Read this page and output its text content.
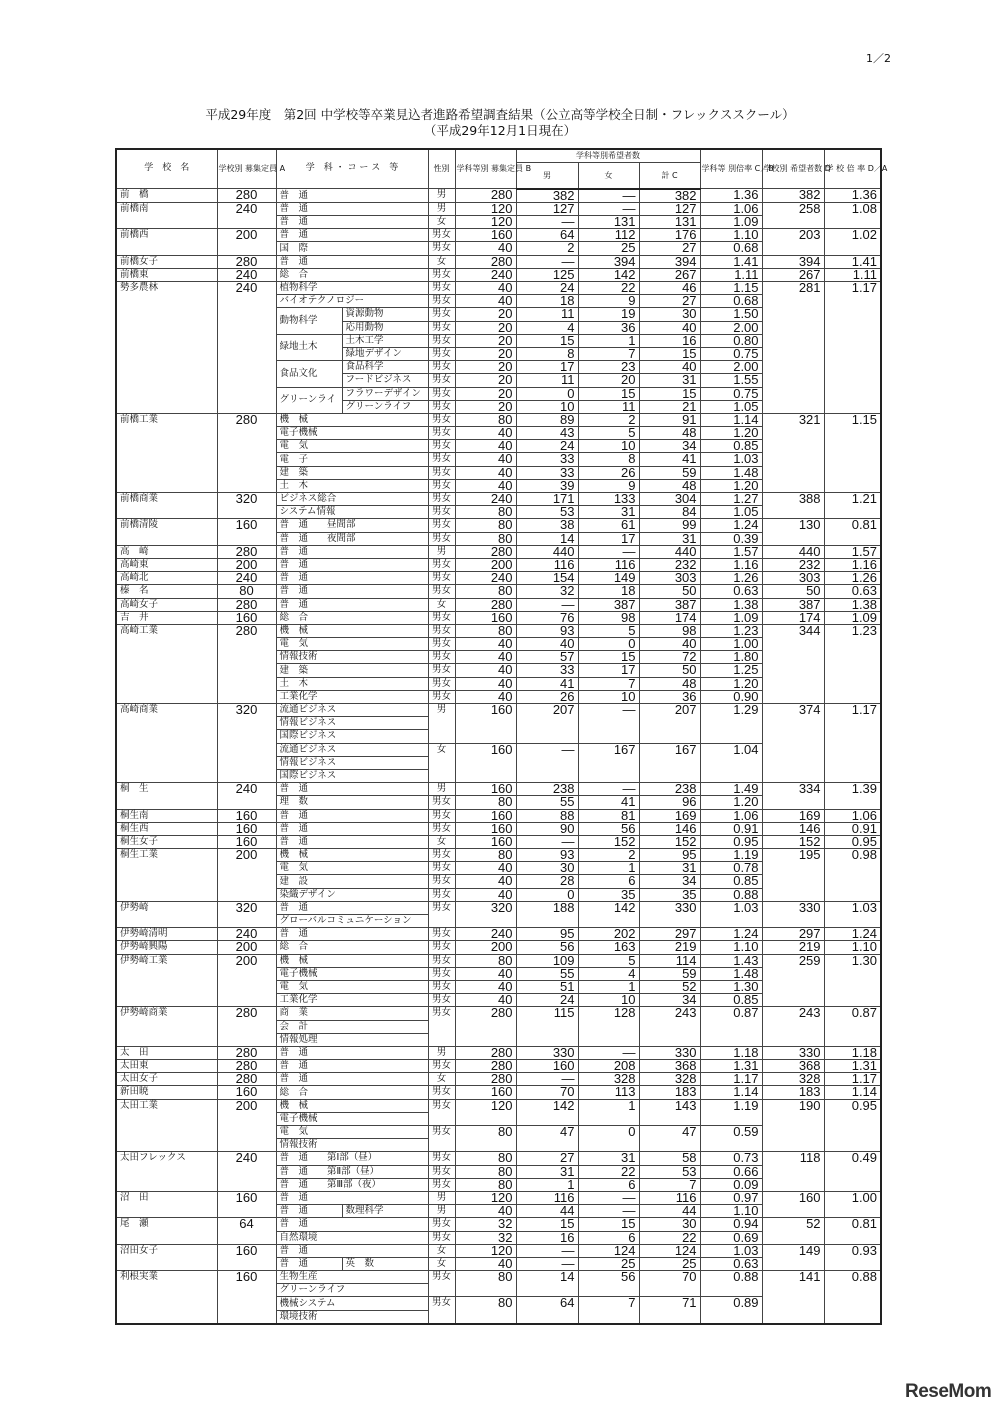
1／2
平成29年度　第2回 中学校等卒業見込者進路希望調査結果（公立高等学校全日制・フレックススクール）
（平成29年12月1日現在）
学　校　名	学校別 募集定員 A	学　科 ・ コ ー ス　等		性別	学科等別 募集定員 B	学科等別希望者数			学科等 別倍率 C／B	学校別 希望者数 D	学 校 倍 率 D／A
						男	女	計 C			
前　橋	280	普　通		男	280	382	—	382	1.36	382	1.36
前橋南	240	普　通		男	120	127	—	127	1.06	258	1.08
		普　通		女	120	—	131	131	1.09		
前橋西	200	普　通		男女	160	64	112	176	1.10	203	1.02
		国　際		男女	40	2	25	27	0.68		
前橋女子	280	普　通		女	280	—	394	394	1.41	394	1.41
前橋東	240	総　合		男女	240	125	142	267	1.11	267	1.11
勢多農林	240	植物科学		男女	40	24	22	46	1.15	281	1.17
		バイオテクノロジー		男女	40	18	9	27	0.68		
		動物科学	資源動物	男女	20	11	19	30	1.50		
			応用動物	男女	20	4	36	40	2.00		
		緑地土木	土木工学	男女	20	15	1	16	0.80		
			緑地デザイン	男女	20	8	7	15	0.75		
		食品文化	食品科学	男女	20	17	23	40	2.00		
			フードビジネス	男女	20	11	20	31	1.55		
		グリーンライ	フラワーデザイン	男女	20	0	15	15	0.75		
			グリーンライフ	男女	20	10	11	21	1.05		
前橋工業	280	機　械		男女	80	89	2	91	1.14	321	1.15
		電子機械		男女	40	43	5	48	1.20		
		電　気		男女	40	24	10	34	0.85		
		電　子		男女	40	33	8	41	1.03		
		建　築		男女	40	33	26	59	1.48		
		土　木		男女	40	39	9	48	1.20		
前橋商業	320	ビジネス総合		男女	240	171	133	304	1.27	388	1.21
		システム情報		男女	80	53	31	84	1.05		
前橋清陵	160	普　通　　昼間部		男女	80	38	61	99	1.24	130	0.81
		普　通　　夜間部		男女	80	14	17	31	0.39		
高　崎	280	普　通		男	280	440	—	440	1.57	440	1.57
高崎東	200	普　通		男女	200	116	116	232	1.16	232	1.16
高崎北	240	普　通		男女	240	154	149	303	1.26	303	1.26
榛　名	80	普　通		男女	80	32	18	50	0.63	50	0.63
高崎女子	280	普　通		女	280	—	387	387	1.38	387	1.38
吉　井	160	総　合		男女	160	76	98	174	1.09	174	1.09
高崎工業	280	機　械		男女	80	93	5	98	1.23	344	1.23
		電　気		男女	40	40	0	40	1.00		
		情報技術		男女	40	57	15	72	1.80		
		建　築		男女	40	33	17	50	1.25		
		土　木		男女	40	41	7	48	1.20		
		工業化学		男女	40	26	10	36	0.90		
高崎商業	320	流通ビジネス		男	160	207	—	207	1.29	374	1.17
		情報ビジネス									
		国際ビジネス									
		流通ビジネス		女	160	—	167	167	1.04		
		情報ビジネス									
		国際ビジネス									
桐　生	240	普　通		男	160	238	—	238	1.49	334	1.39
		理　数		男女	80	55	41	96	1.20		
桐生南	160	普　通		男女	160	88	81	169	1.06	169	1.06
桐生西	160	普　通		男女	160	90	56	146	0.91	146	0.91
桐生女子	160	普　通		女	160	—	152	152	0.95	152	0.95
桐生工業	200	機　械		男女	80	93	2	95	1.19	195	0.98
		電　気		男女	40	30	1	31	0.78		
		建　設		男女	40	28	6	34	0.85		
		染織デザイン		男女	40	0	35	35	0.88		
伊勢崎	320	普　通		男女	320	188	142	330	1.03	330	1.03
		グローバルコミュニケーション									
伊勢崎清明	240	普　通		男女	240	95	202	297	1.24	297	1.24
伊勢崎興陽	200	総　合		男女	200	56	163	219	1.10	219	1.10
伊勢崎工業	200	機　械		男女	80	109	5	114	1.43	259	1.30
		電子機械		男女	40	55	4	59	1.48		
		電　気		男女	40	51	1	52	1.30		
		工業化学		男女	40	24	10	34	0.85		
伊勢崎商業	280	商　業		男女	280	115	128	243	0.87	243	0.87
		会　計									
		情報処理									
太　田	280	普　通		男	280	330	—	330	1.18	330	1.18
太田東	280	普　通		男女	280	160	208	368	1.31	368	1.31
太田女子	280	普　通		女	280	—	328	328	1.17	328	1.17
新田暁	160	総　合		男女	160	70	113	183	1.14	183	1.14
太田工業	200	機　械		男女	120	142	1	143	1.19	190	0.95
		電子機械									
		電　気		男女	80	47	0	47	0.59		
		情報技術									
太田フレックス	240	普　通　　第Ⅰ部（昼）		男女	80	27	31	58	0.73	118	0.49
		普　通　　第Ⅱ部（昼）		男女	80	31	22	53	0.66		
		普　通　　第Ⅲ部（夜）		男女	80	1	6	7	0.09		
沼　田	160	普　通		男	120	116	—	116	0.97	160	1.00
		普　通	数理科学	男	40	44	—	44	1.10		
尾　瀬	64	普　通		男女	32	15	15	30	0.94	52	0.81
		自然環境		男女	32	16	6	22	0.69		
沼田女子	160	普　通		女	120	—	124	124	1.03	149	0.93
		普　通	英　数	女	40	—	25	25	0.63		
利根実業	160	生物生産		男女	80	14	56	70	0.88	141	0.88
		グリーンライフ									
		機械システム		男女	80	64	7	71	0.89		
		環境技術									
ReseMom
